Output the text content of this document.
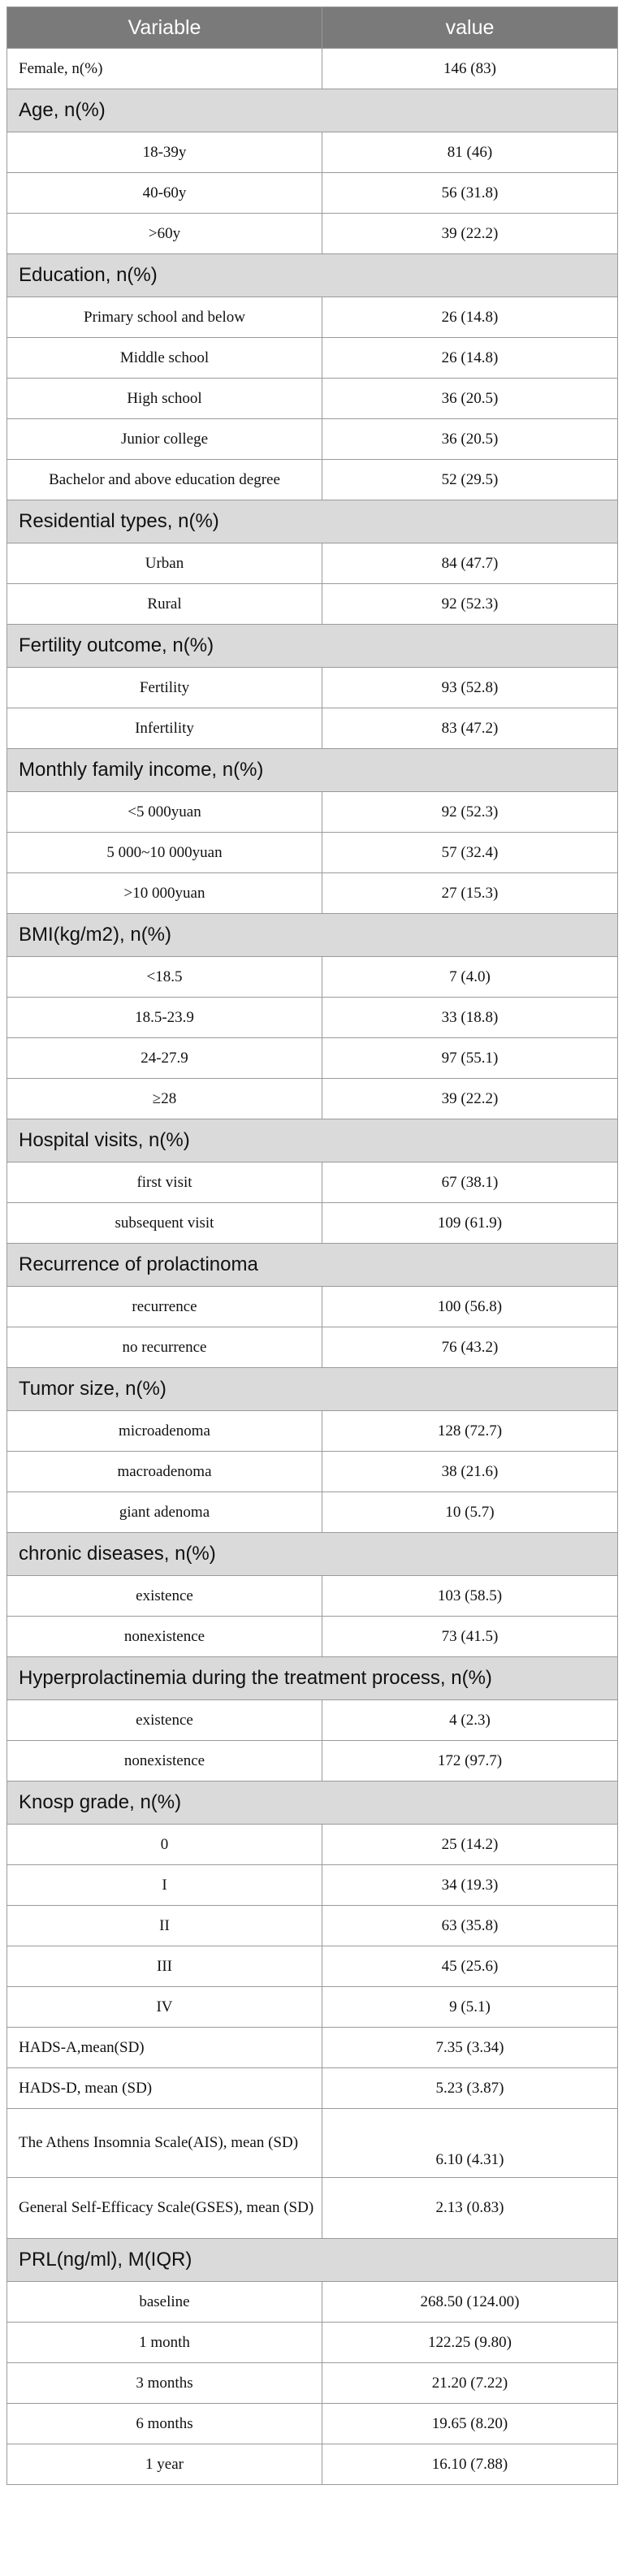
Variable	value
Female, n(%)	146 (83)
Age, n(%)	
18-39y	81 (46)
40-60y	56 (31.8)
>60y	39 (22.2)
Education, n(%)	
Primary school and below	26 (14.8)
Middle school	26 (14.8)
High school	36 (20.5)
Junior college	36 (20.5)
Bachelor and above education degree	52 (29.5)
Residential types, n(%)	
Urban	84 (47.7)
Rural	92 (52.3)
Fertility outcome, n(%)	
Fertility	93 (52.8)
Infertility	83 (47.2)
Monthly family income, n(%)	
<5 000yuan	92 (52.3)
5 000~10 000yuan	57 (32.4)
>10 000yuan	27 (15.3)
BMI(kg/m2), n(%)	
<18.5	7 (4.0)
18.5-23.9	33 (18.8)
24-27.9	97 (55.1)
≥28	39 (22.2)
Hospital visits, n(%)	
first visit	67 (38.1)
subsequent visit	109 (61.9)
Recurrence of prolactinoma	
recurrence	100 (56.8)
no recurrence	76 (43.2)
Tumor size, n(%)	
microadenoma	128 (72.7)
macroadenoma	38 (21.6)
giant adenoma	10 (5.7)
chronic diseases, n(%)	
existence	103 (58.5)
nonexistence	73 (41.5)
Hyperprolactinemia during the treatment process, n(%)	
existence	4 (2.3)
nonexistence	172 (97.7)
Knosp grade, n(%)	
0	25 (14.2)
I	34 (19.3)
II	63 (35.8)
III	45 (25.6)
IV	9 (5.1)
HADS-A,mean(SD)	7.35 (3.34)
HADS-D, mean (SD)	5.23 (3.87)
The Athens Insomnia Scale(AIS), mean (SD)	6.10 (4.31)
General Self-Efficacy Scale(GSES), mean (SD)	2.13 (0.83)
PRL(ng/ml), M(IQR)	
baseline	268.50 (124.00)
1 month	122.25 (9.80)
3 months	21.20 (7.22)
6 months	19.65 (8.20)
1 year	16.10 (7.88)
